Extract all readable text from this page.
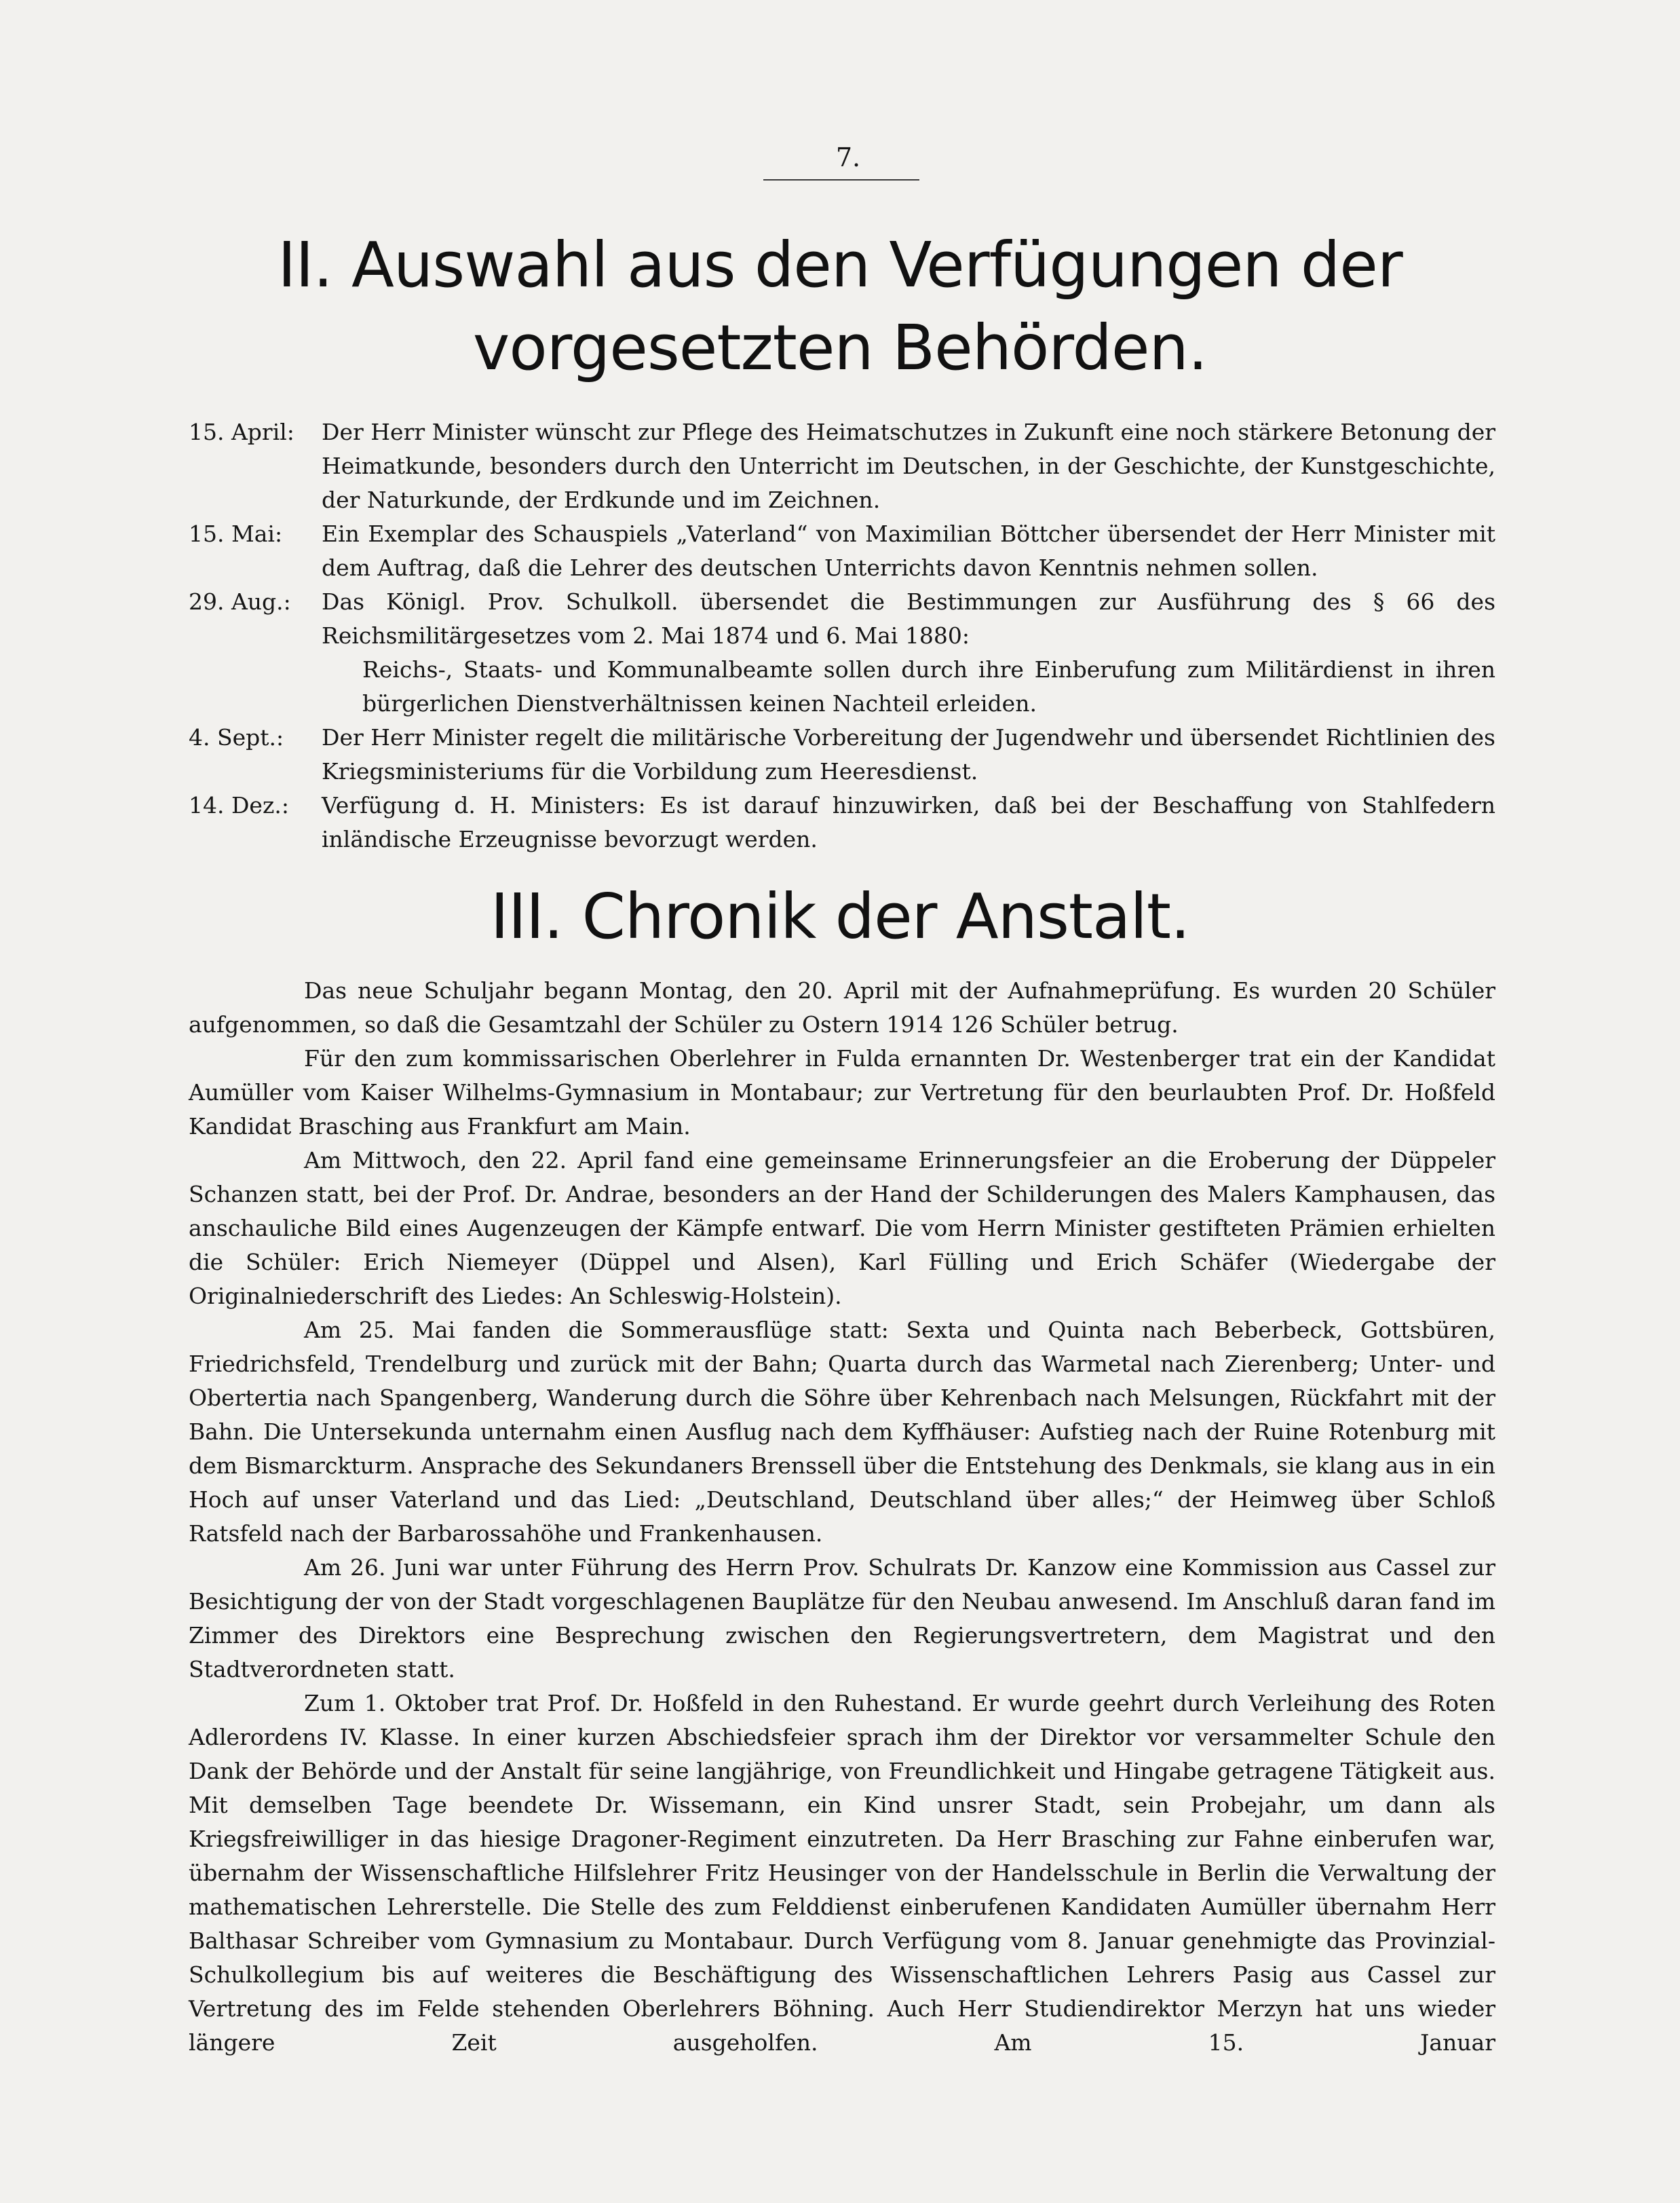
7.
II. Auswahl aus den Verfügungen der
vorgesetzten Behörden.
15. April:	Der Herr Minister wünscht zur Pflege des Heimatschutzes in Zukunft eine noch stärkere Betonung der Heimatkunde, besonders durch den Unterricht im Deutschen, in der Geschichte, der Kunstgeschichte, der Naturkunde, der Erdkunde und im Zeichnen.
15. Mai:	Ein Exemplar des Schauspiels „Vaterland“ von Maximilian Böttcher übersendet der Herr Minister mit dem Auftrag, daß die Lehrer des deutschen Unterrichts davon Kenntnis nehmen sollen.
29. Aug.:	Das Königl. Prov. Schulkoll. übersendet die Bestimmungen zur Ausführung des § 66 des Reichsmilitärgesetzes vom 2. Mai 1874 und 6. Mai 1880:
Reichs-, Staats- und Kommunalbeamte sollen durch ihre Einberufung zum Militärdienst in ihren bürgerlichen Dienstverhältnissen keinen Nachteil erleiden.
4. Sept.:	Der Herr Minister regelt die militärische Vorbereitung der Jugendwehr und übersendet Richtlinien des Kriegsministeriums für die Vorbildung zum Heeresdienst.
14. Dez.:	Verfügung d. H. Ministers: Es ist darauf hinzuwirken, daß bei der Beschaffung von Stahlfedern inländische Erzeugnisse bevorzugt werden.
III. Chronik der Anstalt.

Das neue Schuljahr begann Montag, den 20. April mit der Aufnahmeprüfung. Es wurden 20 Schüler aufgenommen, so daß die Gesamtzahl der Schüler zu Ostern 1914 126 Schüler betrug.

Für den zum kommissarischen Oberlehrer in Fulda ernannten Dr. Westenberger trat ein der Kandidat Aumüller vom Kaiser Wilhelms-Gymnasium in Montabaur; zur Vertretung für den beurlaubten Prof. Dr. Hoßfeld Kandidat Brasching aus Frankfurt am Main.

Am Mittwoch, den 22. April fand eine gemeinsame Erinnerungsfeier an die Eroberung der Düppeler Schanzen statt, bei der Prof. Dr. Andrae, besonders an der Hand der Schilderungen des Malers Kamphausen, das anschauliche Bild eines Augenzeugen der Kämpfe entwarf. Die vom Herrn Minister gestifteten Prämien erhielten die Schüler: Erich Niemeyer (Düppel und Alsen), Karl Fülling und Erich Schäfer (Wiedergabe der Originalniederschrift des Liedes: An Schleswig-Holstein).

Am 25. Mai fanden die Sommerausflüge statt: Sexta und Quinta nach Beberbeck, Gottsbüren, Friedrichsfeld, Trendelburg und zurück mit der Bahn; Quarta durch das Warmetal nach Zierenberg; Unter- und Obertertia nach Spangenberg, Wanderung durch die Söhre über Kehrenbach nach Melsungen, Rückfahrt mit der Bahn. Die Untersekunda unternahm einen Ausflug nach dem Kyffhäuser: Aufstieg nach der Ruine Rotenburg mit dem Bismarckturm. Ansprache des Sekundaners Brenssell über die Entstehung des Denkmals, sie klang aus in ein Hoch auf unser Vaterland und das Lied: „Deutschland, Deutschland über alles;“ der Heimweg über Schloß Ratsfeld nach der Barbarossahöhe und Frankenhausen.

Am 26. Juni war unter Führung des Herrn Prov. Schulrats Dr. Kanzow eine Kommission aus Cassel zur Besichtigung der von der Stadt vorgeschlagenen Bauplätze für den Neubau anwesend. Im Anschluß daran fand im Zimmer des Direktors eine Besprechung zwischen den Regierungsvertretern, dem Magistrat und den Stadtverordneten statt.

Zum 1. Oktober trat Prof. Dr. Hoßfeld in den Ruhestand. Er wurde geehrt durch Verleihung des Roten Adlerordens IV. Klasse. In einer kurzen Abschiedsfeier sprach ihm der Direktor vor versammelter Schule den Dank der Behörde und der Anstalt für seine langjährige, von Freundlichkeit und Hingabe getragene Tätigkeit aus. Mit demselben Tage beendete Dr. Wissemann, ein Kind unsrer Stadt, sein Probejahr, um dann als Kriegsfreiwilliger in das hiesige Dragoner-Regiment einzutreten. Da Herr Brasching zur Fahne einberufen war, übernahm der Wissenschaftliche Hilfslehrer Fritz Heusinger von der Handelsschule in Berlin die Verwaltung der mathematischen Lehrerstelle. Die Stelle des zum Felddienst einberufenen Kandidaten Aumüller übernahm Herr Balthasar Schreiber vom Gymnasium zu Montabaur. Durch Verfügung vom 8. Januar genehmigte das Provinzial-Schulkollegium bis auf weiteres die Beschäftigung des Wissenschaftlichen Lehrers Pasig aus Cassel zur Vertretung des im Felde stehenden Oberlehrers Böhning. Auch Herr Studiendirektor Merzyn hat uns wieder längere Zeit ausgeholfen. Am 15. Januar
